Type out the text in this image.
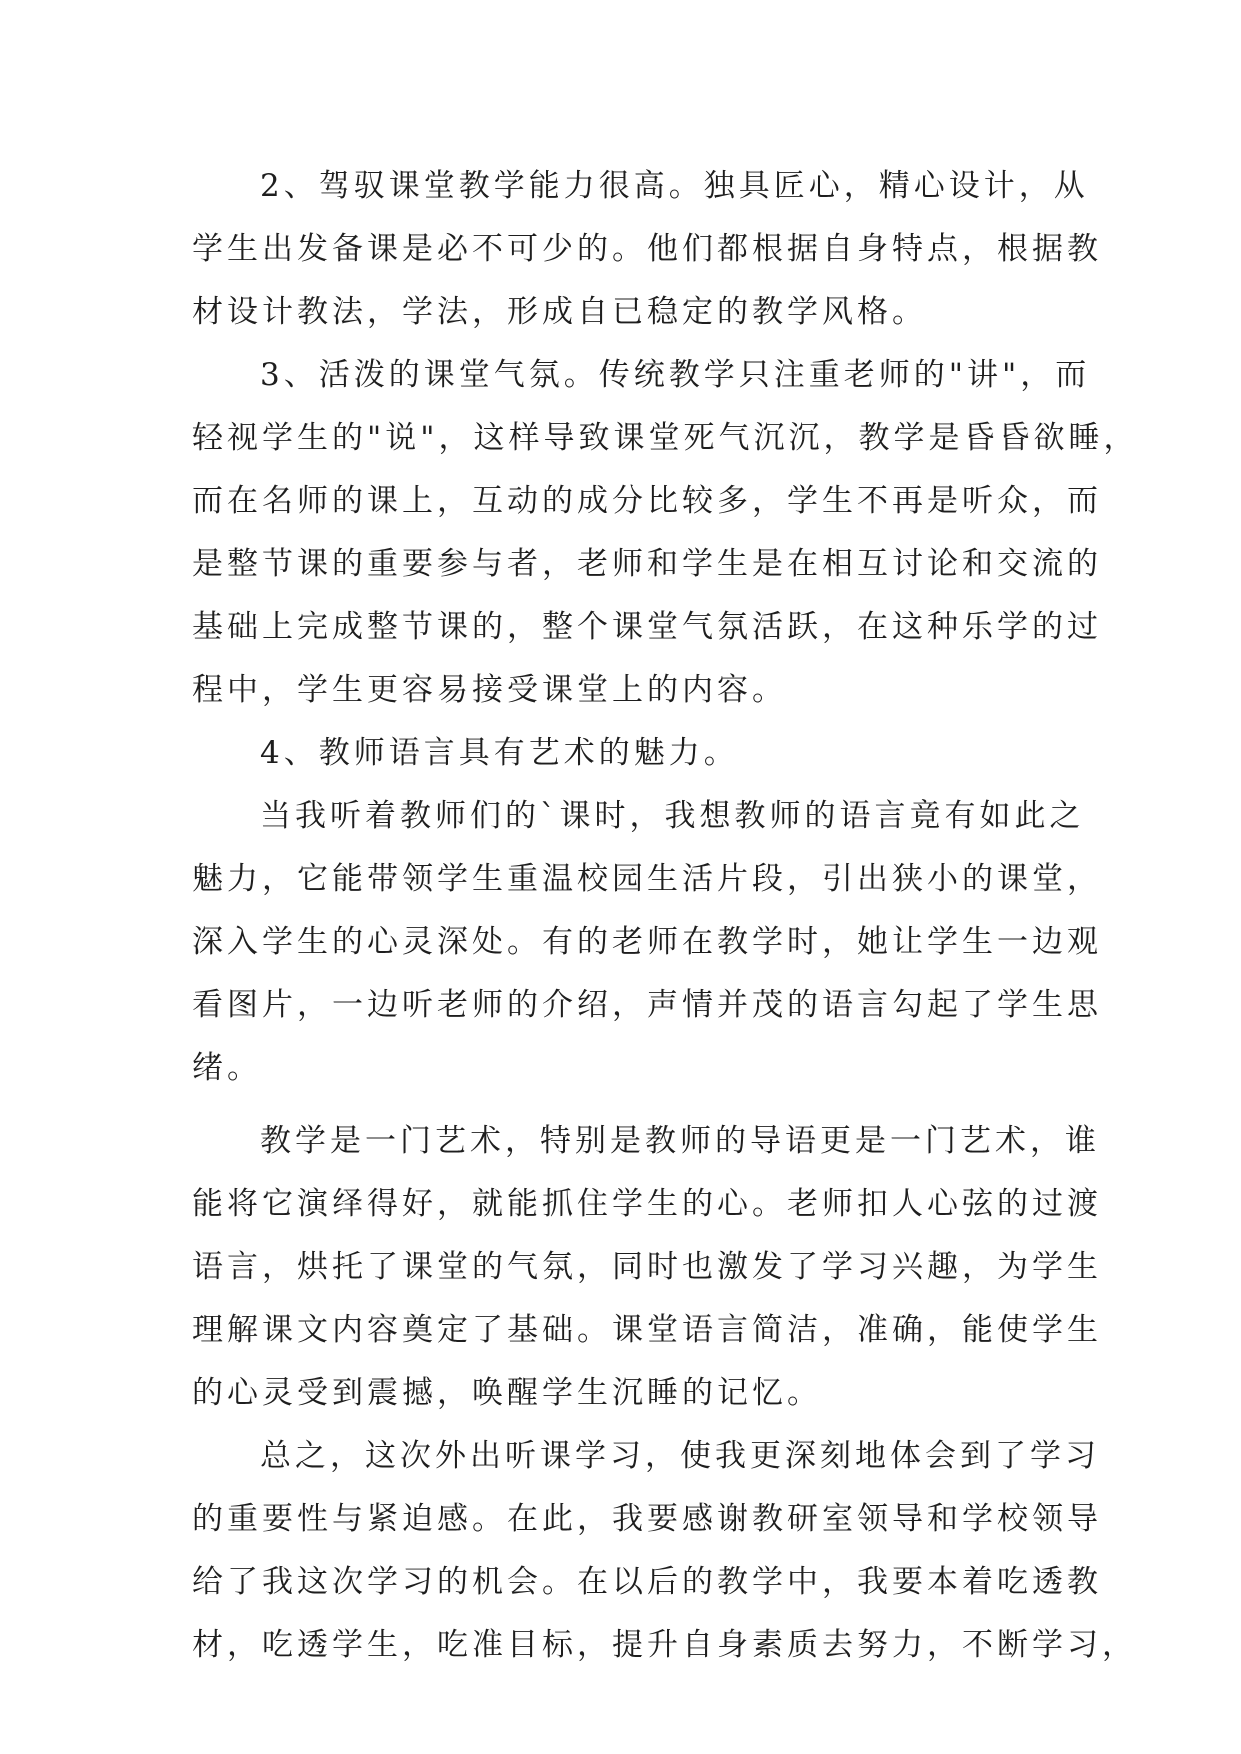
2、驾驭课堂教学能力很高。独具匠心，精心设计，从
学生出发备课是必不可少的。他们都根据自身特点，根据教
材设计教法，学法，形成自已稳定的教学风格。
3、活泼的课堂气氛。传统教学只注重老师的"讲"，而
轻视学生的"说"，这样导致课堂死气沉沉，教学是昏昏欲睡，
而在名师的课上，互动的成分比较多，学生不再是听众，而
是整节课的重要参与者，老师和学生是在相互讨论和交流的
基础上完成整节课的，整个课堂气氛活跃，在这种乐学的过
程中，学生更容易接受课堂上的内容。
4、教师语言具有艺术的魅力。
当我听着教师们的`课时，我想教师的语言竟有如此之
魅力，它能带领学生重温校园生活片段，引出狭小的课堂，
深入学生的心灵深处。有的老师在教学时，她让学生一边观
看图片，一边听老师的介绍，声情并茂的语言勾起了学生思
绪。
教学是一门艺术，特别是教师的导语更是一门艺术，谁
能将它演绎得好，就能抓住学生的心。老师扣人心弦的过渡
语言，烘托了课堂的气氛，同时也激发了学习兴趣，为学生
理解课文内容奠定了基础。课堂语言简洁，准确，能使学生
的心灵受到震撼，唤醒学生沉睡的记忆。
总之，这次外出听课学习，使我更深刻地体会到了学习
的重要性与紧迫感。在此，我要感谢教研室领导和学校领导
给了我这次学习的机会。在以后的教学中，我要本着吃透教
材，吃透学生，吃准目标，提升自身素质去努力，不断学习，
